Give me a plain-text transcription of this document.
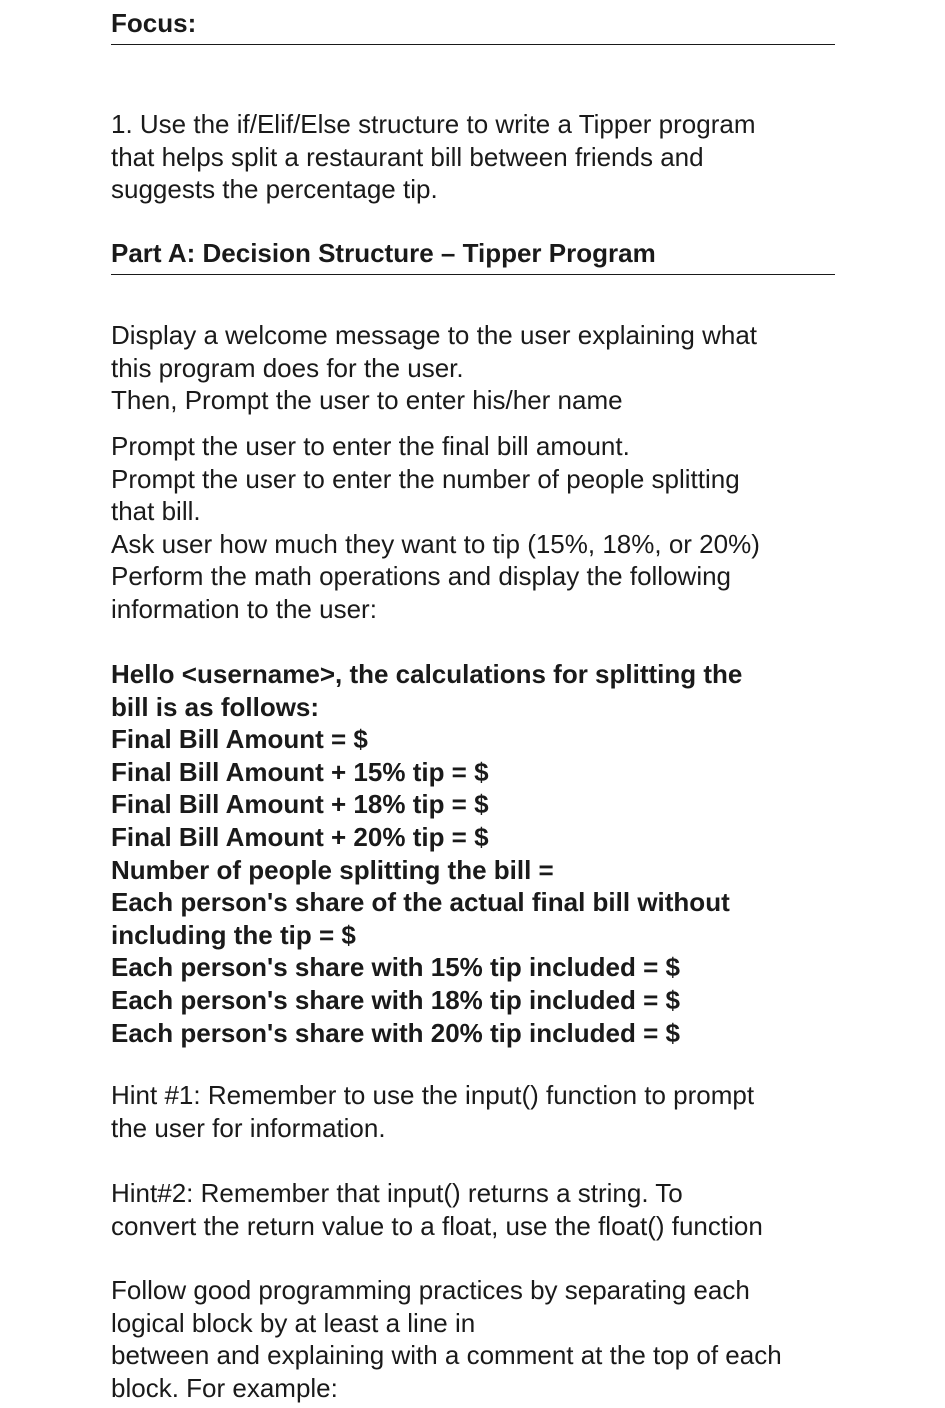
Focus:

1. Use the if/Elif/Else structure to write a Tipper program

that helps split a restaurant bill between friends and

suggests the percentage tip.

Part A: Decision Structure – Tipper Program

Display a welcome message to the user explaining what

this program does for the user.

Then, Prompt the user to enter his/her name

Prompt the user to enter the final bill amount.

Prompt the user to enter the number of people splitting

that bill.

Ask user how much they want to tip (15%, 18%, or 20%)

Perform the math operations and display the following

information to the user:

Hello <username>, the calculations for splitting the

bill is as follows:

Final Bill Amount = $

Final Bill Amount + 15% tip = $

Final Bill Amount + 18% tip = $

Final Bill Amount + 20% tip = $

Number of people splitting the bill =

Each person's share of the actual final bill without

including the tip = $

Each person's share with 15% tip included = $

Each person's share with 18% tip included = $

Each person's share with 20% tip included = $

Hint #1: Remember to use the input() function to prompt

the user for information.

Hint#2: Remember that input() returns a string. To

convert the return value to a float, use the float() function

Follow good programming practices by separating each

logical block by at least a line in

between and explaining with a comment at the top of each

block. For example:
